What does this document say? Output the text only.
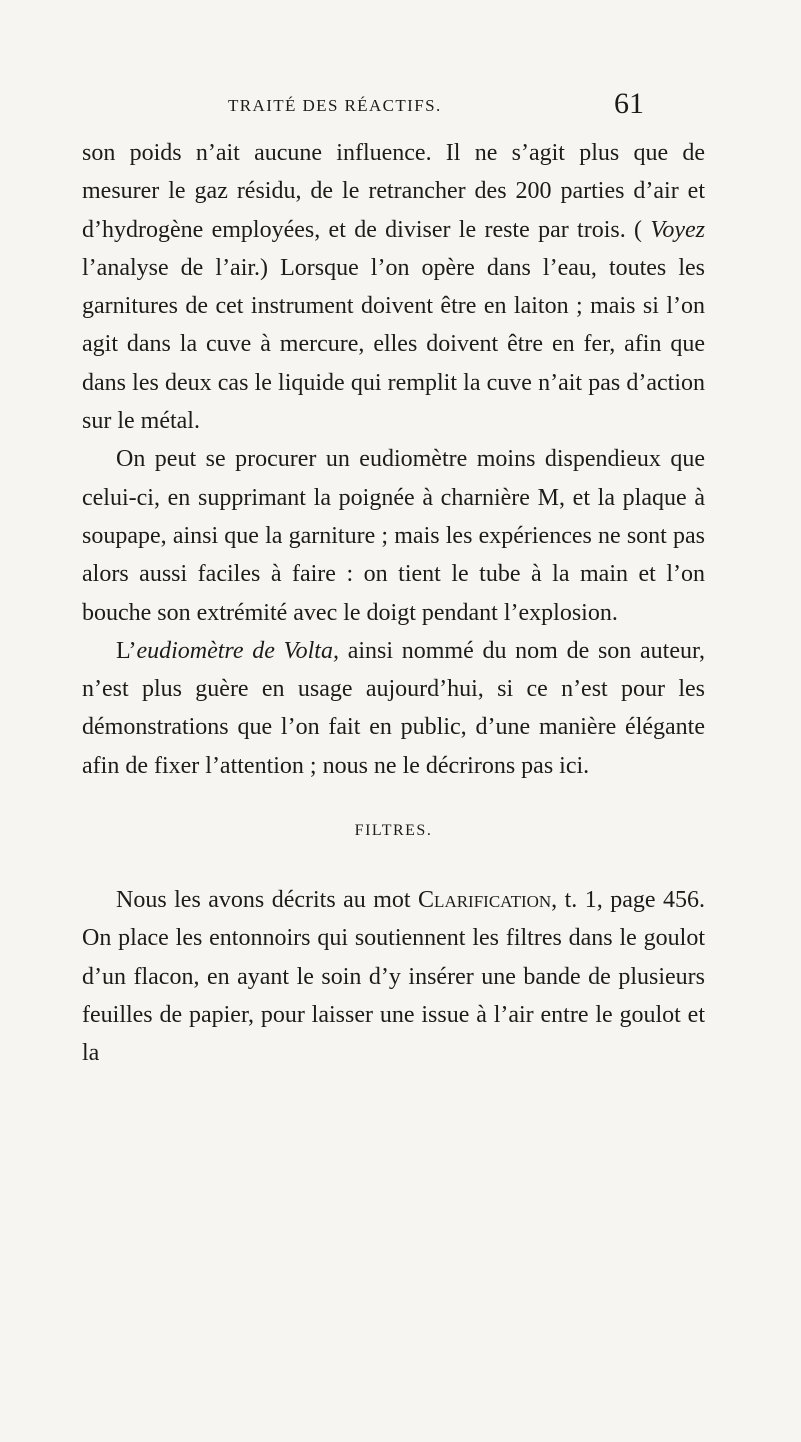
TRAITÉ DES RÉACTIFS.	61

son poids n’ait aucune influence. Il ne s’agit plus que de mesurer le gaz résidu, de le retrancher des 200 parties d’air et d’hydrogène employées, et de diviser le reste par trois. ( Voyez l’analyse de l’air.) Lorsque l’on opère dans l’eau, toutes les garnitures de cet instrument doivent être en laiton ; mais si l’on agit dans la cuve à mercure, elles doivent être en fer, afin que dans les deux cas le liquide qui remplit la cuve n’ait pas d’action sur le métal.

On peut se procurer un eudiomètre moins dispendieux que celui-ci, en supprimant la poignée à charnière M, et la plaque à soupape, ainsi que la garniture ; mais les expériences ne sont pas alors aussi faciles à faire : on tient le tube à la main et l’on bouche son extrémité avec le doigt pendant l’explosion.

L’eudiomètre de Volta, ainsi nommé du nom de son auteur, n’est plus guère en usage aujourd’hui, si ce n’est pour les démonstrations que l’on fait en public, d’une manière élégante afin de fixer l’attention ; nous ne le décrirons pas ici.

FILTRES.

Nous les avons décrits au mot Clarification, t. 1, page 456. On place les entonnoirs qui soutiennent les filtres dans le goulot d’un flacon, en ayant le soin d’y insérer une bande de plusieurs feuilles de papier, pour laisser une issue à l’air entre le goulot et la
